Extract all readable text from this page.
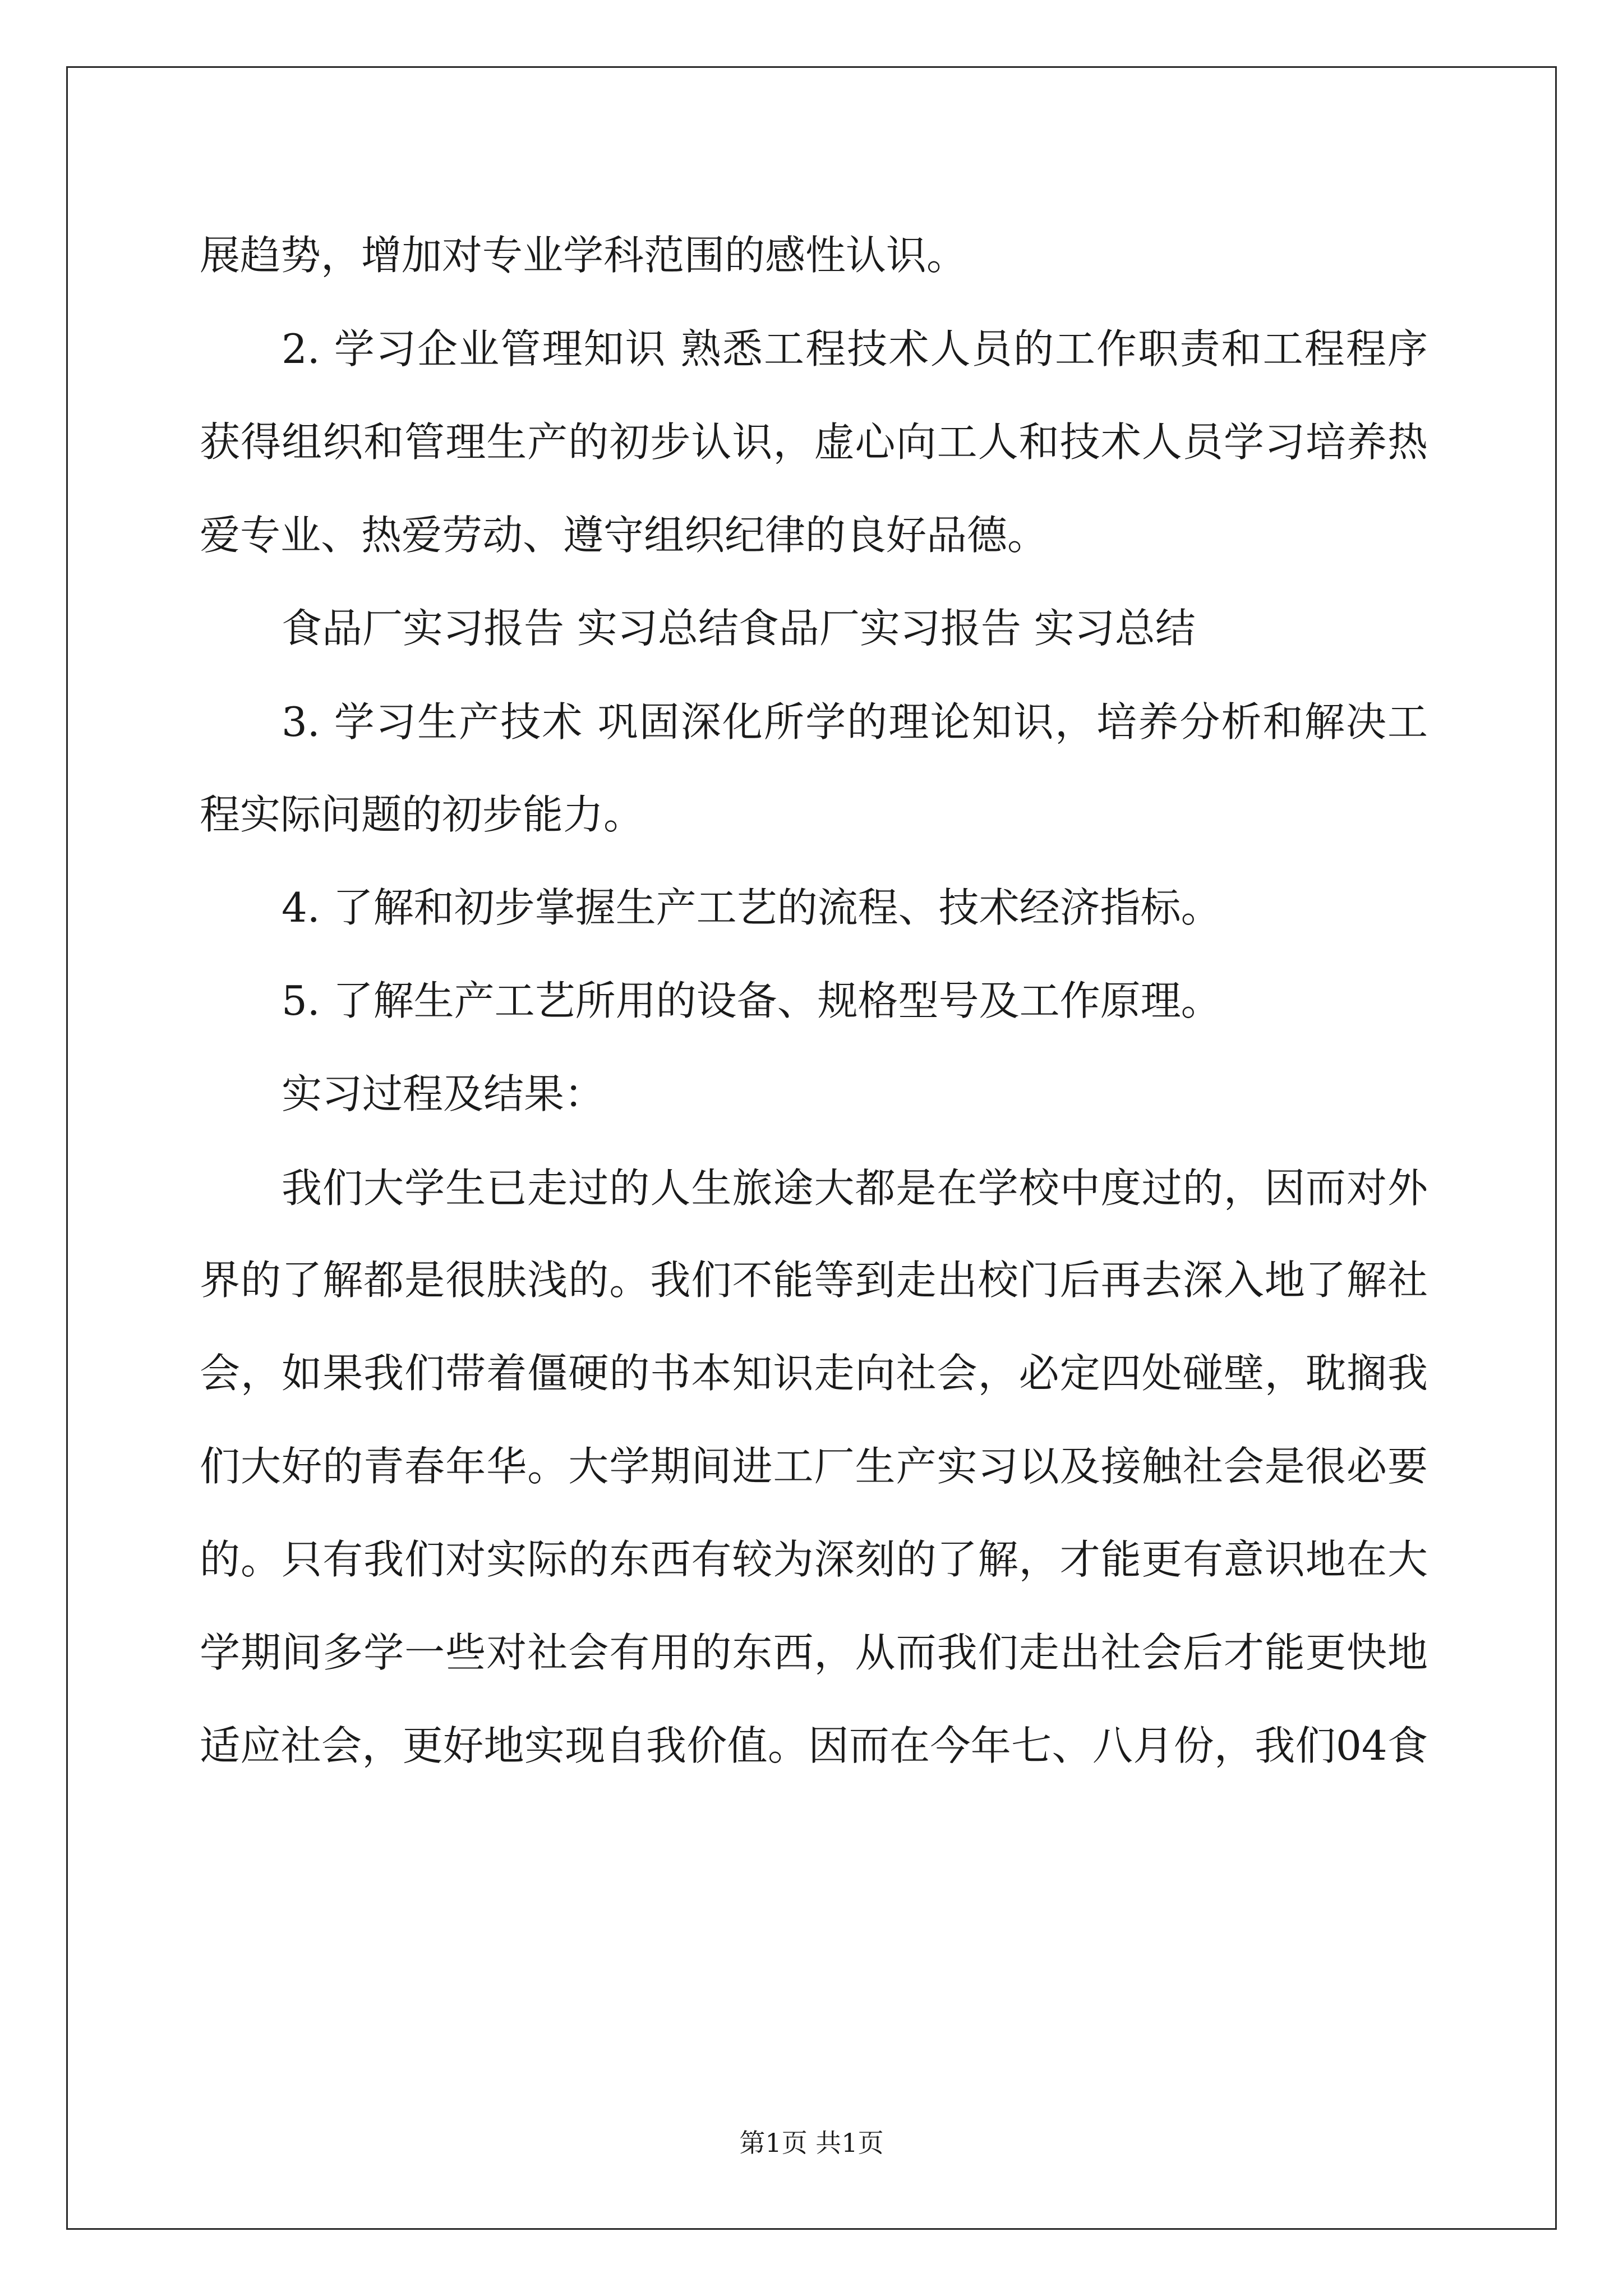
展趋势，增加对专业学科范围的感性认识。
2. 学习企业管理知识 熟悉工程技术人员的工作职责和工程程序
获得组织和管理生产的初步认识，虚心向工人和技术人员学习培养热
爱专业、热爱劳动、遵守组织纪律的良好品德。
食品厂实习报告 实习总结食品厂实习报告 实习总结
3. 学习生产技术 巩固深化所学的理论知识，培养分析和解决工
程实际问题的初步能力。
4. 了解和初步掌握生产工艺的流程、技术经济指标。
5. 了解生产工艺所用的设备、规格型号及工作原理。
实习过程及结果：
我们大学生已走过的人生旅途大都是在学校中度过的，因而对外
界的了解都是很肤浅的。我们不能等到走出校门后再去深入地了解社
会，如果我们带着僵硬的书本知识走向社会，必定四处碰壁，耽搁我
们大好的青春年华。大学期间进工厂生产实习以及接触社会是很必要
的。只有我们对实际的东西有较为深刻的了解，才能更有意识地在大
学期间多学一些对社会有用的东西，从而我们走出社会后才能更快地
适应社会，更好地实现自我价值。因而在今年七、八月份，我们04食
第1页 共1页
